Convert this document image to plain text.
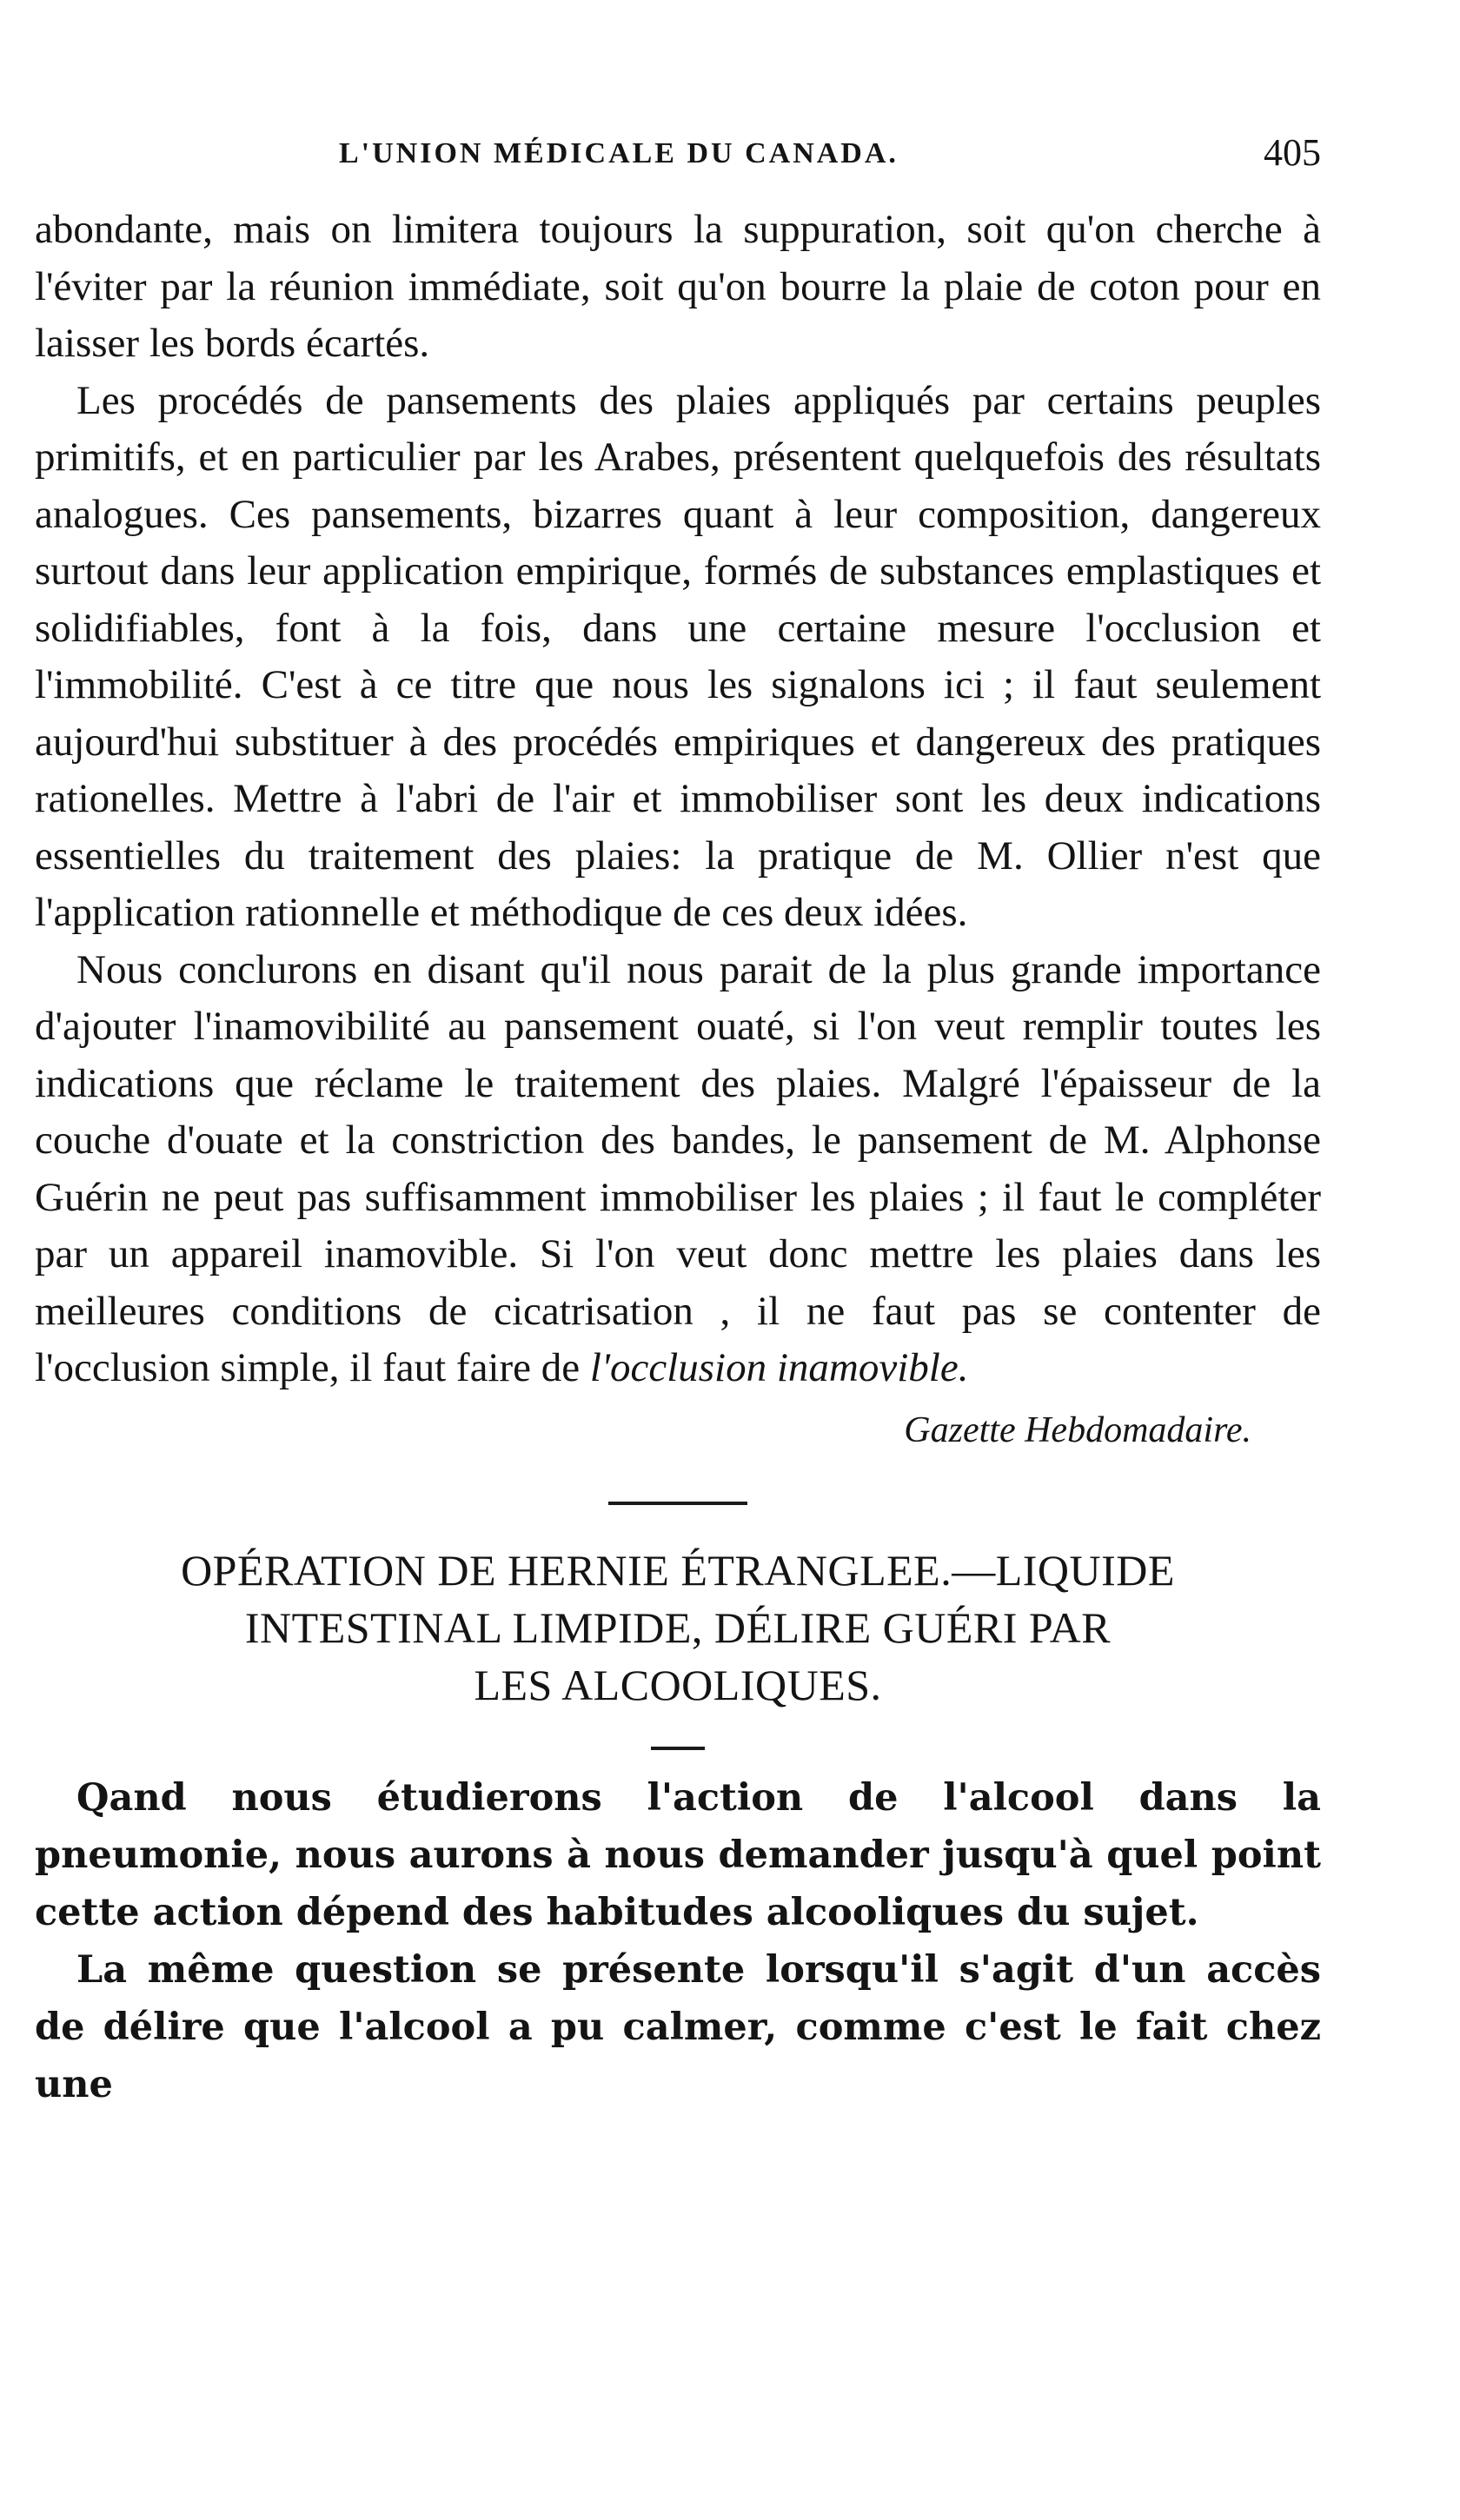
L'UNION MÉDICALE DU CANADA.	405

abondante, mais on limitera toujours la suppuration, soit qu'on cherche à l'éviter par la réunion immédiate, soit qu'on bourre la plaie de coton pour en laisser les bords écartés.

Les procédés de pansements des plaies appliqués par certains peuples primitifs, et en particulier par les Arabes, présentent quelquefois des résultats analogues. Ces pansements, bizarres quant à leur composition, dangereux surtout dans leur application empirique, formés de substances emplastiques et solidifiables, font à la fois, dans une certaine mesure l'occlusion et l'immobilité. C'est à ce titre que nous les signalons ici ; il faut seulement aujourd'hui substituer à des procédés empiriques et dangereux des pratiques rationelles. Mettre à l'abri de l'air et immobiliser sont les deux indications essentielles du traitement des plaies: la pratique de M. Ollier n'est que l'application rationnelle et méthodique de ces deux idées.

Nous conclurons en disant qu'il nous parait de la plus grande importance d'ajouter l'inamovibilité au pansement ouaté, si l'on veut remplir toutes les indications que réclame le traitement des plaies. Malgré l'épaisseur de la couche d'ouate et la constriction des bandes, le pansement de M. Alphonse Guérin ne peut pas suffisamment immobiliser les plaies ; il faut le compléter par un appareil inamovible. Si l'on veut donc mettre les plaies dans les meilleures conditions de cicatrisation , il ne faut pas se contenter de l'occlusion simple, il faut faire de l'occlusion inamovible.

Gazette Hebdomadaire.

OPÉRATION DE HERNIE ÉTRANGLEE.—LIQUIDE

INTESTINAL LIMPIDE, DÉLIRE GUÉRI PAR

LES ALCOOLIQUES.

Qand nous étudierons l'action de l'alcool dans la pneumonie, nous aurons à nous demander jusqu'à quel point cette action dépend des habitudes alcooliques du sujet.

La même question se présente lorsqu'il s'agit d'un accès de délire que l'alcool a pu calmer, comme c'est le fait chez une
